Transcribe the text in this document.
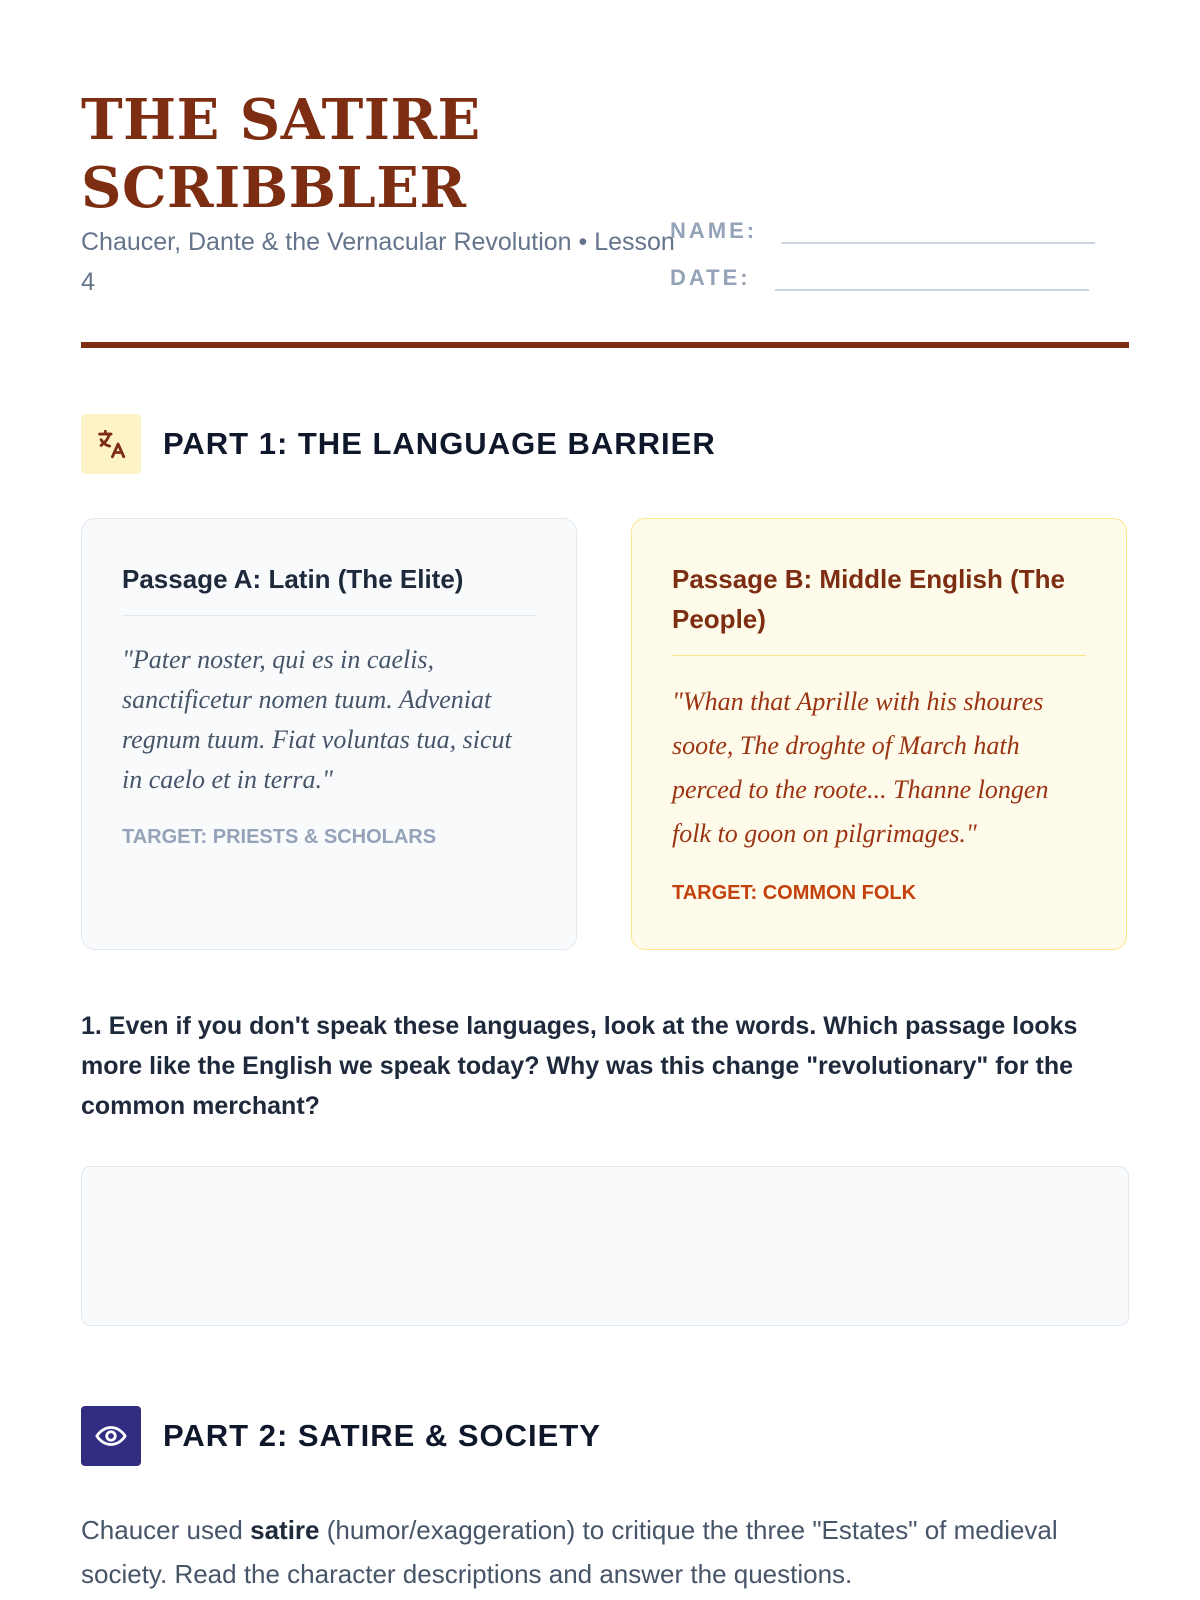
THE SATIRE
SCRIBBLER
Chaucer, Dante & the Vernacular Revolution • Lesson 4
NAME:
DATE:
PART 1: THE LANGUAGE BARRIER
Passage A: Latin (The Elite)
"Pater noster, qui es in caelis, sanctificetur nomen tuum. Adveniat regnum tuum. Fiat voluntas tua, sicut in caelo et in terra."
TARGET: PRIESTS & SCHOLARS
Passage B: Middle English (The People)
"Whan that Aprille with his shoures soote, The droghte of March hath perced to the roote... Thanne longen folk to goon on pilgrimages."
TARGET: COMMON FOLK
1. Even if you don't speak these languages, look at the words. Which passage looks more like the English we speak today? Why was this change "revolutionary" for the common merchant?
PART 2: SATIRE & SOCIETY
Chaucer used satire (humor/exaggeration) to critique the three "Estates" of medieval society. Read the character descriptions and answer the questions.
